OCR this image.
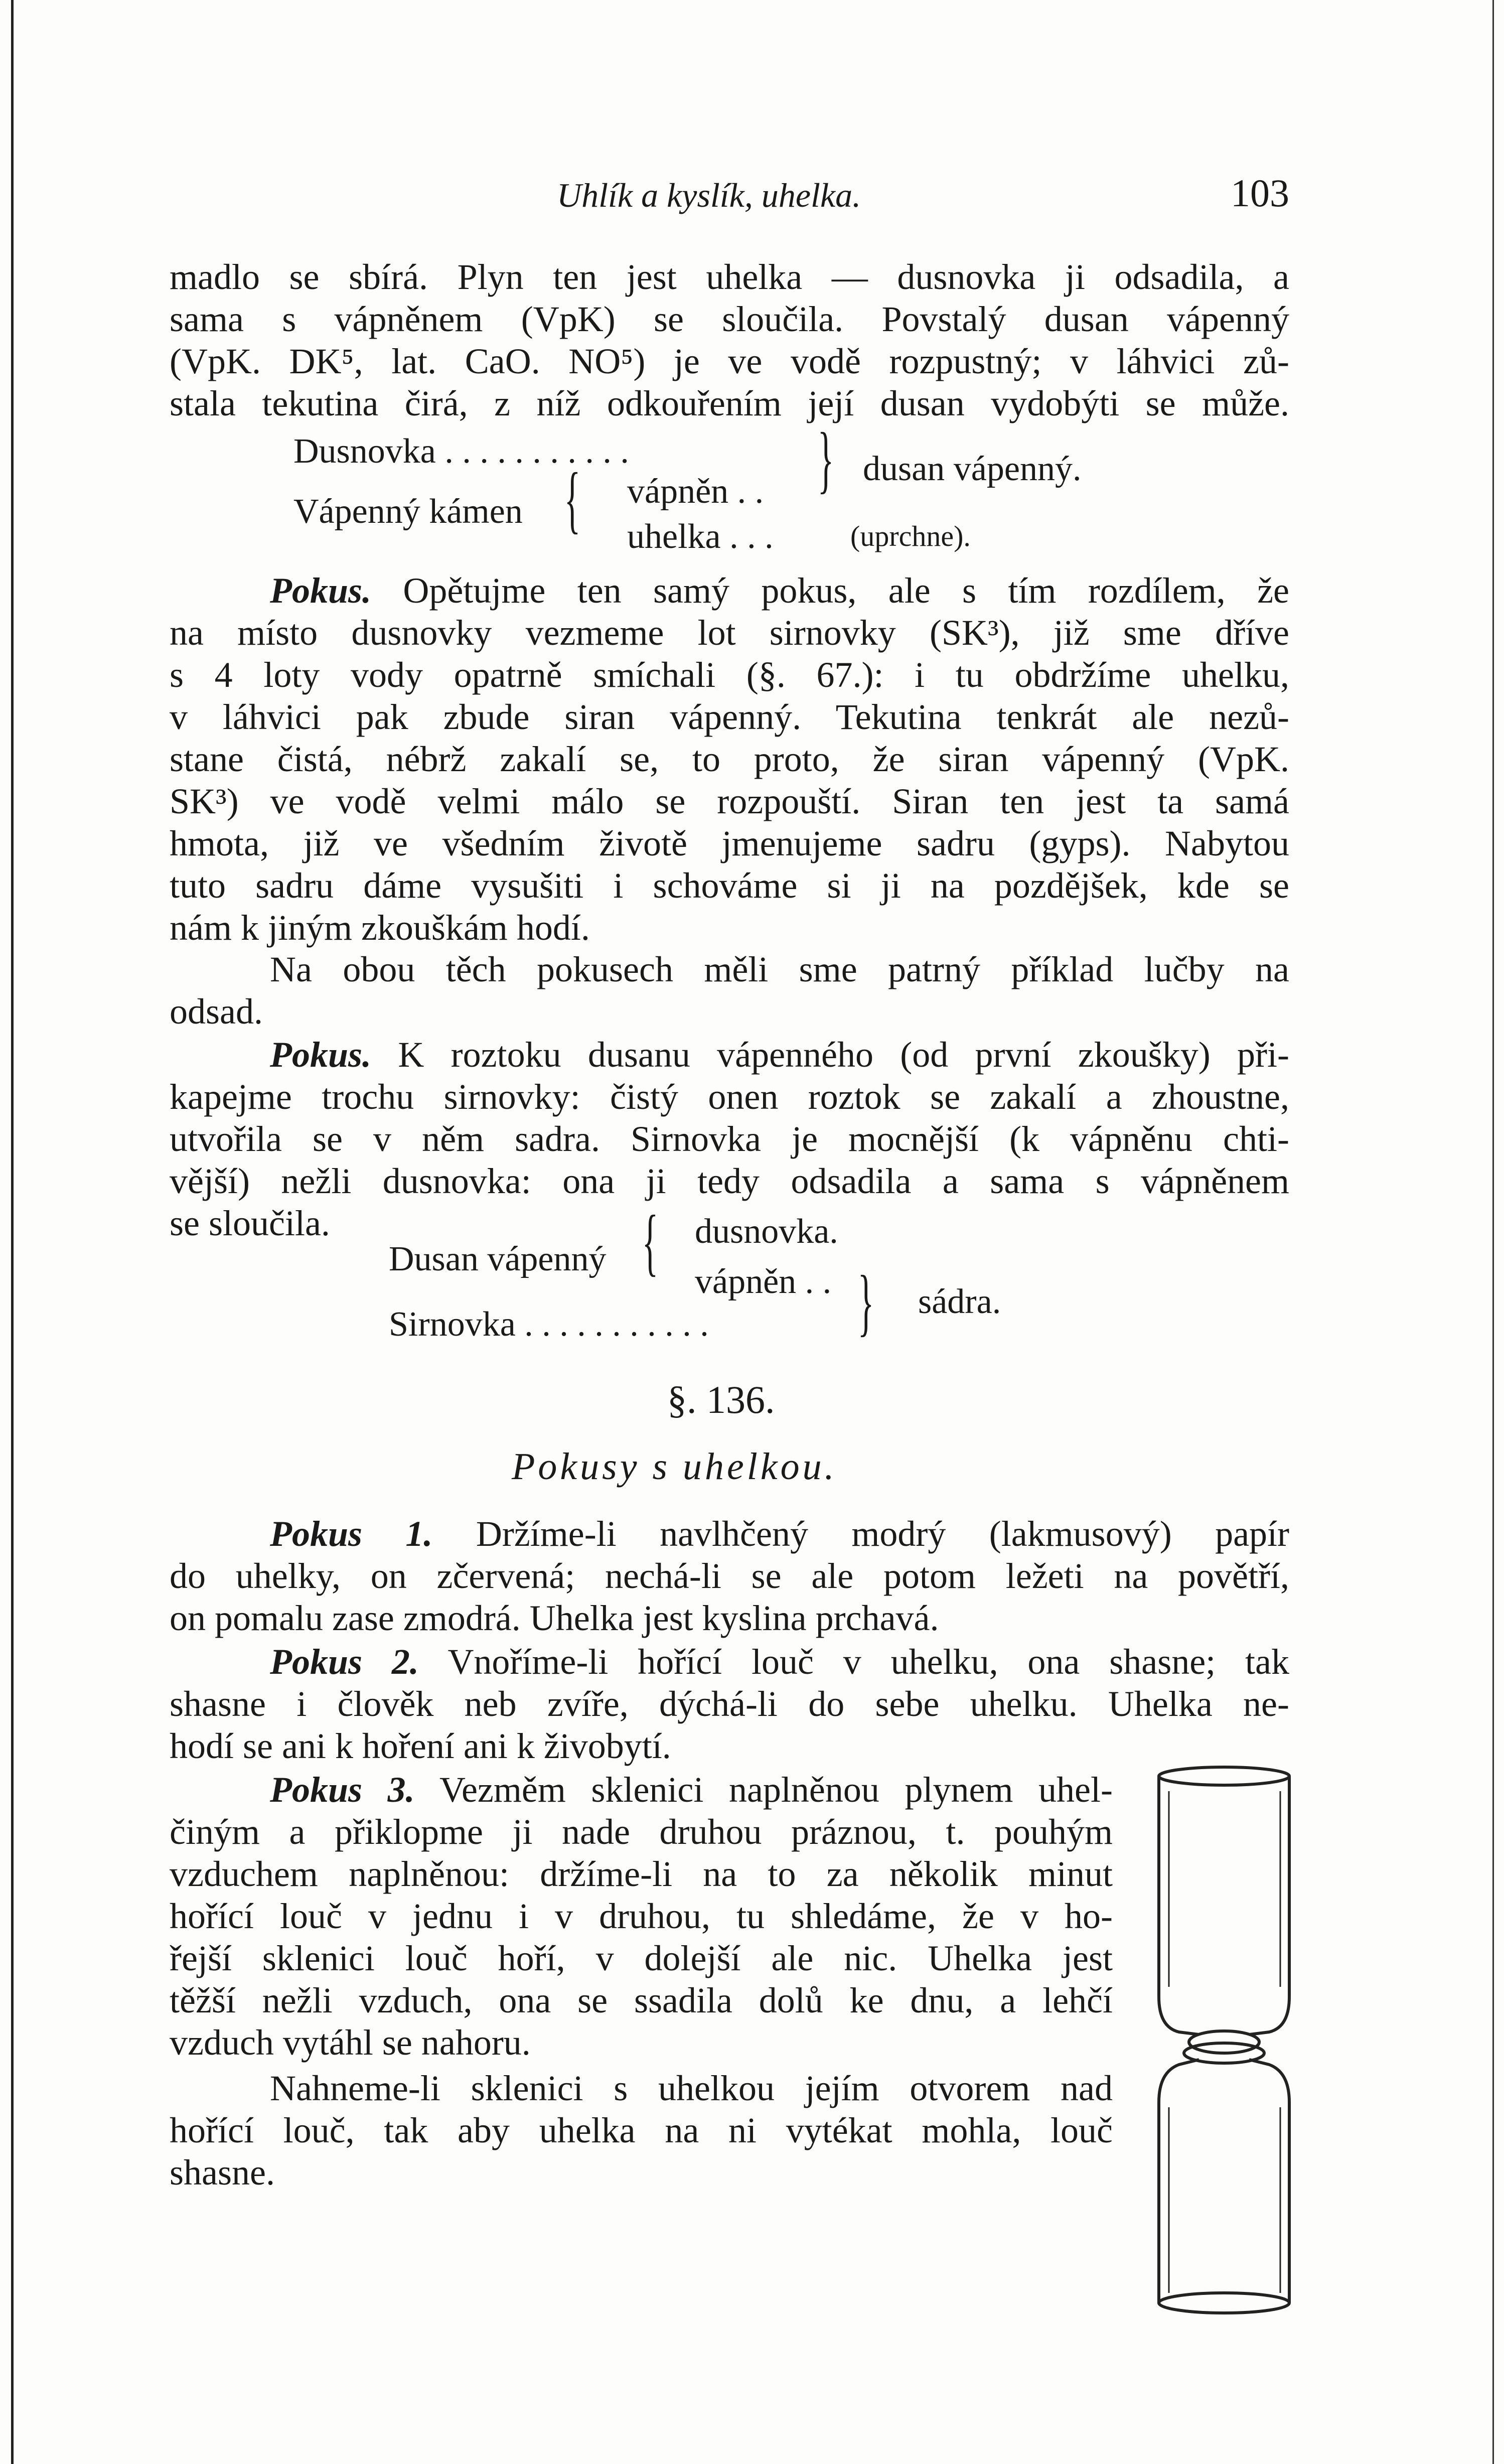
Uhlík a kyslík, uhelka.	103
madlo se sbírá. Plyn ten jest uhelka — dusnovka ji odsadila, a
sama s vápněnem (VpK) se sloučila. Povstalý dusan vápenný
(VpK. DK⁵, lat. CaO. NO⁵) je ve vodě rozpustný; v láhvici zů-
stala tekutina čirá, z níž odkouřením její dusan vydobýti se může.
Dusnovka . . . . . . . . . . .
Vápenný kámen { vápněn . .
uhelka . . .
} dusan vápenný.
(uprchne).
Pokus. Opětujme ten samý pokus, ale s tím rozdílem, že
na místo dusnovky vezmeme lot sirnovky (SK³), již sme dříve
s 4 loty vody opatrně smíchali (§. 67.): i tu obdržíme uhelku,
v láhvici pak zbude siran vápenný. Tekutina tenkrát ale nezů-
stane čistá, nébrž zakalí se, to proto, že siran vápenný (VpK.
SK³) ve vodě velmi málo se rozpouští. Siran ten jest ta samá
hmota, již ve všedním životě jmenujeme sadru (gyps). Nabytou
tuto sadru dáme vysušiti i schováme si ji na pozdějšek, kde se
nám k jiným zkouškám hodí.
Na obou těch pokusech měli sme patrný příklad lučby na
odsad.
Pokus. K roztoku dusanu vápenného (od první zkoušky) při-
kapejme trochu sirnovky: čistý onen roztok se zakalí a zhoustne,
utvořila se v něm sadra. Sirnovka je mocnější (k vápněnu chti-
vější) nežli dusnovka: ona ji tedy odsadila a sama s vápněnem
se sloučila.
Dusan vápenný
Sirnovka . . . . . . . . . . .
{ dusnovka.
vápněn . . } sádra.
§. 136.
Pokusy s uhelkou.
Pokus 1. Držíme-li navlhčený modrý (lakmusový) papír
do uhelky, on zčervená; nechá-li se ale potom ležeti na povětří,
on pomalu zase zmodrá. Uhelka jest kyslina prchavá.
Pokus 2. Vnoříme-li hořící louč v uhelku, ona shasne; tak
shasne i člověk neb zvíře, dýchá-li do sebe uhelku. Uhelka ne-
hodí se ani k hoření ani k živobytí.
Pokus 3. Vezměm sklenici naplněnou plynem uhel-
činým a přiklopme ji nade druhou práznou, t. pouhým
vzduchem naplněnou: držíme-li na to za několik minut
hořící louč v jednu i v druhou, tu shledáme, že v ho-
řejší sklenici louč hoří, v dolejší ale nic. Uhelka jest
těžší nežli vzduch, ona se ssadila dolů ke dnu, a lehčí
vzduch vytáhl se nahoru.
Nahneme-li sklenici s uhelkou jejím otvorem nad
hořící louč, tak aby uhelka na ni vytékat mohla, louč
shasne.
